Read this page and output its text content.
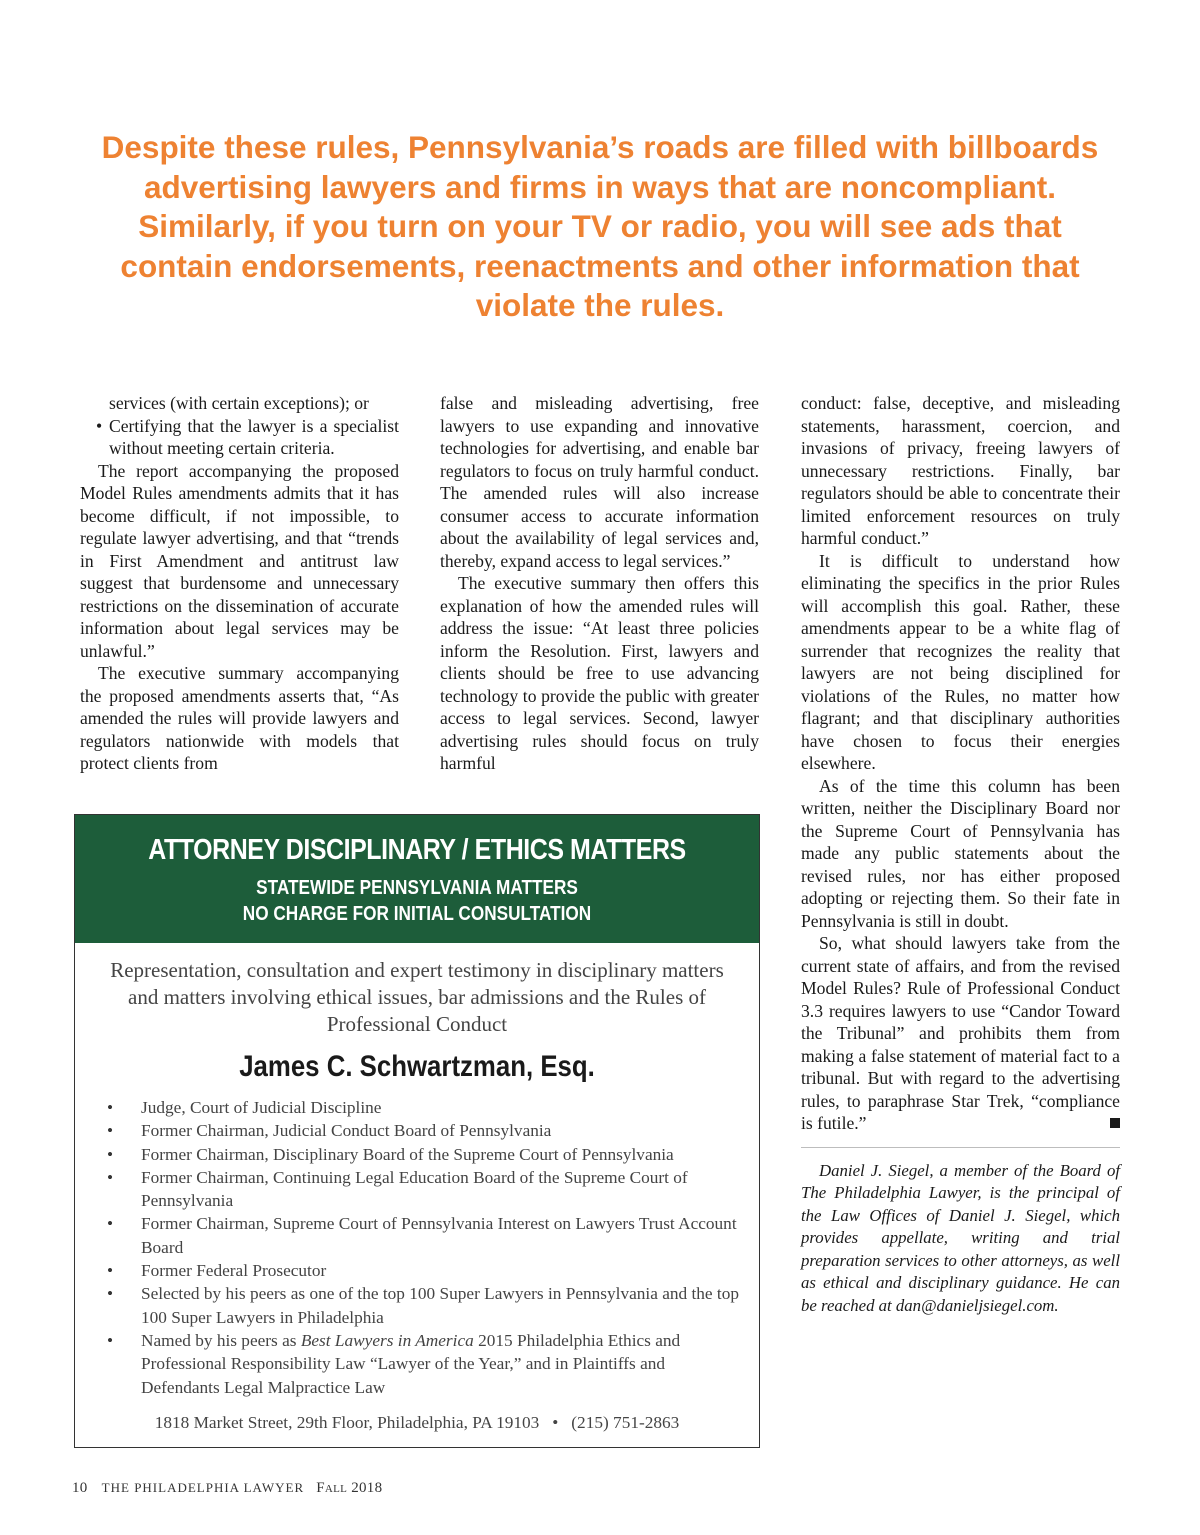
Despite these rules, Pennsylvania’s roads are filled with billboards
advertising lawyers and firms in ways that are noncompliant.
Similarly, if you turn on your TV or radio, you will see ads that
contain endorsements, reenactments and other information that
violate the rules.
services (with certain exceptions); or
• Certifying that the lawyer is a specialist without meeting certain criteria.

The report accompanying the proposed Model Rules amendments admits that it has become difficult, if not impossible, to regulate lawyer advertising, and that “trends in First Amendment and antitrust law suggest that burdensome and unnecessary restrictions on the dissemination of accurate information about legal services may be unlawful.”

The executive summary accompanying the proposed amendments asserts that, “As amended the rules will provide lawyers and regulators nationwide with models that protect clients from

false and misleading advertising, free lawyers to use expanding and innovative technologies for advertising, and enable bar regulators to focus on truly harmful conduct. The amended rules will also increase consumer access to accurate information about the availability of legal services and, thereby, expand access to legal services.”

The executive summary then offers this explanation of how the amended rules will address the issue: “At least three policies inform the Resolution. First, lawyers and clients should be free to use advancing technology to provide the public with greater access to legal services. Second, lawyer advertising rules should focus on truly harmful

conduct: false, deceptive, and misleading statements, harassment, coercion, and invasions of privacy, freeing lawyers of unnecessary restrictions. Finally, bar regulators should be able to concentrate their limited enforcement resources on truly harmful conduct.”

It is difficult to understand how eliminating the specifics in the prior Rules will accomplish this goal. Rather, these amendments appear to be a white flag of surrender that recognizes the reality that lawyers are not being disciplined for violations of the Rules, no matter how flagrant; and that disciplinary authorities have chosen to focus their energies elsewhere.

As of the time this column has been written, neither the Disciplinary Board nor the Supreme Court of Pennsylvania has made any public statements about the revised rules, nor has either proposed adopting or rejecting them. So their fate in Pennsylvania is still in doubt.

So, what should lawyers take from the current state of affairs, and from the revised Model Rules? Rule of Professional Conduct 3.3 requires lawyers to use “Candor Toward the Tribunal” and prohibits them from making a false statement of material fact to a tribunal. But with regard to the advertising rules, to paraphrase Star Trek, “compliance is futile.”

Daniel J. Siegel, a member of the Board of The Philadelphia Lawyer, is the principal of the Law Offices of Daniel J. Siegel, which provides appellate, writing and trial preparation services to other attorneys, as well as ethical and disciplinary guidance. He can be reached at dan@danieljsiegel.com.

ATTORNEY DISCIPLINARY / ETHICS MATTERS
STATEWIDE PENNSYLVANIA MATTERS
NO CHARGE FOR INITIAL CONSULTATION
Representation, consultation and expert testimony in disciplinary matters and matters involving ethical issues, bar admissions and the Rules of Professional Conduct
James C. Schwartzman, Esq.
• Judge, Court of Judicial Discipline
• Former Chairman, Judicial Conduct Board of Pennsylvania
• Former Chairman, Disciplinary Board of the Supreme Court of Pennsylvania
• Former Chairman, Continuing Legal Education Board of the Supreme Court of Pennsylvania
• Former Chairman, Supreme Court of Pennsylvania Interest on Lawyers Trust Account Board
• Former Federal Prosecutor
• Selected by his peers as one of the top 100 Super Lawyers in Pennsylvania and the top 100 Super Lawyers in Philadelphia
• Named by his peers as Best Lawyers in America 2015 Philadelphia Ethics and Professional Responsibility Law “Lawyer of the Year,” and in Plaintiffs and Defendants Legal Malpractice Law
1818 Market Street, 29th Floor, Philadelphia, PA 19103   •   (215) 751-2863
10 THE PHILADELPHIA LAWYER Fall 2018
